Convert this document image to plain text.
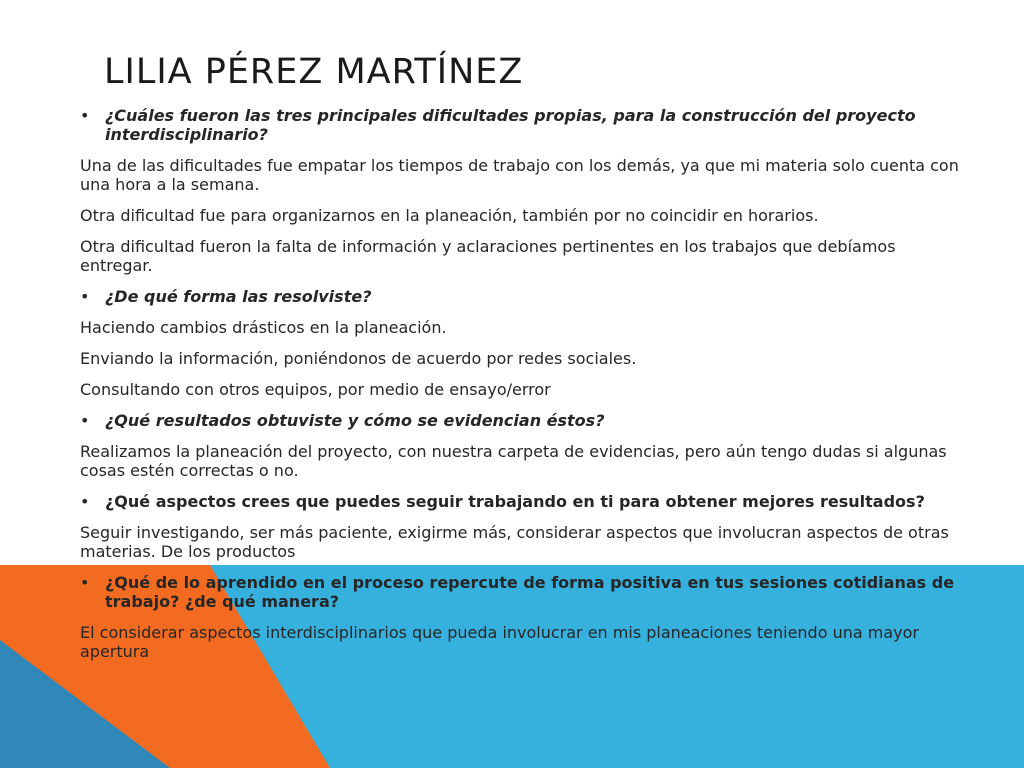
LILIA PÉREZ MARTÍNEZ
• ¿Cuáles fueron las tres principales dificultades propias, para la construcción del proyecto interdisciplinario?
Una de las dificultades fue empatar los tiempos de trabajo con los demás, ya que mi materia solo cuenta con una hora a la semana.
Otra dificultad fue para organizarnos en la planeación, también por no coincidir en horarios.
Otra dificultad fueron la falta de información y aclaraciones pertinentes en los trabajos que debíamos entregar.
• ¿De qué forma las resolviste?
Haciendo cambios drásticos en la planeación.
Enviando la información, poniéndonos de acuerdo por redes sociales.
Consultando con otros equipos, por medio de ensayo/error
• ¿Qué resultados obtuviste y cómo se evidencian éstos?
Realizamos la planeación del proyecto, con nuestra carpeta de evidencias, pero aún tengo dudas si algunas cosas estén correctas o no.
• ¿Qué aspectos crees que puedes seguir trabajando en ti para obtener mejores resultados?
Seguir investigando, ser más paciente, exigirme más, considerar aspectos que involucran aspectos de otras materias. De los productos
• ¿Qué de lo aprendido en el proceso repercute de forma positiva en tus sesiones cotidianas de trabajo? ¿de qué manera?
El considerar aspectos interdisciplinarios que pueda involucrar en mis planeaciones teniendo una mayor apertura
